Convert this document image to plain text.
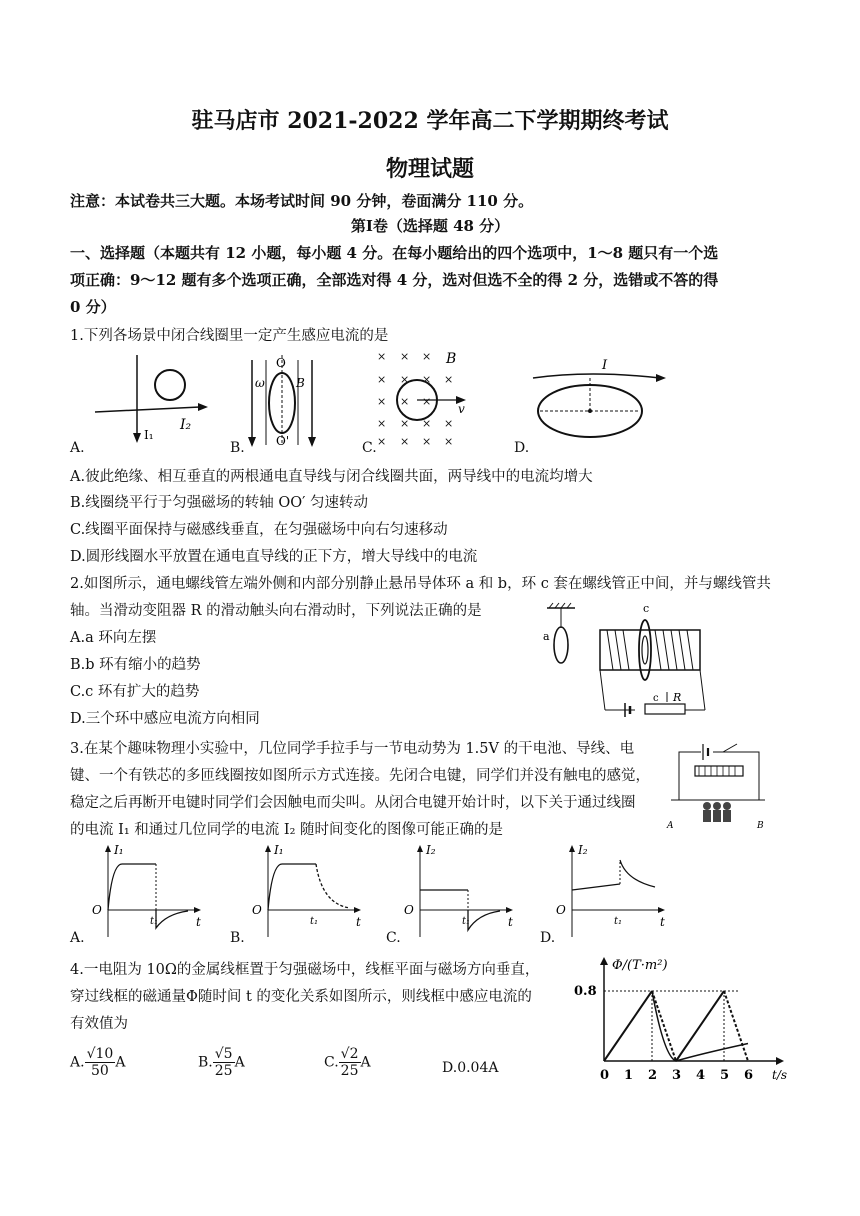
驻马店市 2021-2022 学年高二下学期期终考试
物理试题
注意：本试卷共三大题。本场考试时间 90 分钟，卷面满分 110 分。
第Ⅰ卷（选择题 48 分）
一、选择题（本题共有 12 小题，每小题 4 分。在每小题给出的四个选项中，1～8 题只有一个选
项正确：9～12 题有多个选项正确，全部选对得 4 分，选对但选不全的得 2 分，选错或不答的得
0 分）
1.下列各场景中闭合线圈里一定产生感应电流的是
I₁
I₂
ω
O
O'
B
× × ×
× × × ×
× × ×
× × × ×
× × × ×
B
v
I
A.	B.	C.	D.
A.彼此绝缘、相互垂直的两根通电直导线与闭合线圈共面，两导线中的电流均增大
B.线圈绕平行于匀强磁场的转轴 OO′ 匀速转动
C.线圈平面保持与磁感线垂直，在匀强磁场中向右匀速移动
D.圆形线圈水平放置在通电直导线的正下方，增大导线中的电流
2.如图所示，通电螺线管左端外侧和内部分别静止悬吊导体环 a 和 b，环 c 套在螺线管正中间，并与螺线管共
轴。当滑动变阻器 R 的滑动触头向右滑动时，下列说法正确的是
A.a 环向左摆
B.b 环有缩小的趋势
C.c 环有扩大的趋势
D.三个环中感应电流方向相同
a
c
c R
3.在某个趣味物理小实验中，几位同学手拉手与一节电动势为 1.5V 的干电池、导线、电
键、一个有铁芯的多匝线圈按如图所示方式连接。先闭合电键，同学们并没有触电的感觉，
稳定之后再断开电键时同学们会因触电而尖叫。从闭合电键开始计时，以下关于通过线圈
的电流 I₁ 和通过几位同学的电流 I₂ 随时间变化的图像可能正确的是	A	B
I₁
O
t₁	t
I₁
O
t₁	t
I₂
O
t₁	t
I₂
O
t₁	t
A.	B.	C.	D.
4.一电阻为 10Ω的金属线框置于匀强磁场中，线框平面与磁场方向垂直，
穿过线框的磁通量Φ随时间 t 的变化关系如图所示，则线框中感应电流的
有效值为
A. $\frac{√10}{50}$ A	B. $\frac{√5}{25}$ A	C. $\frac{√2}{25}$ A	D.0.04A
Φ/(T·m²)
t/s
0.8
0 1 2 3 4 5 6
